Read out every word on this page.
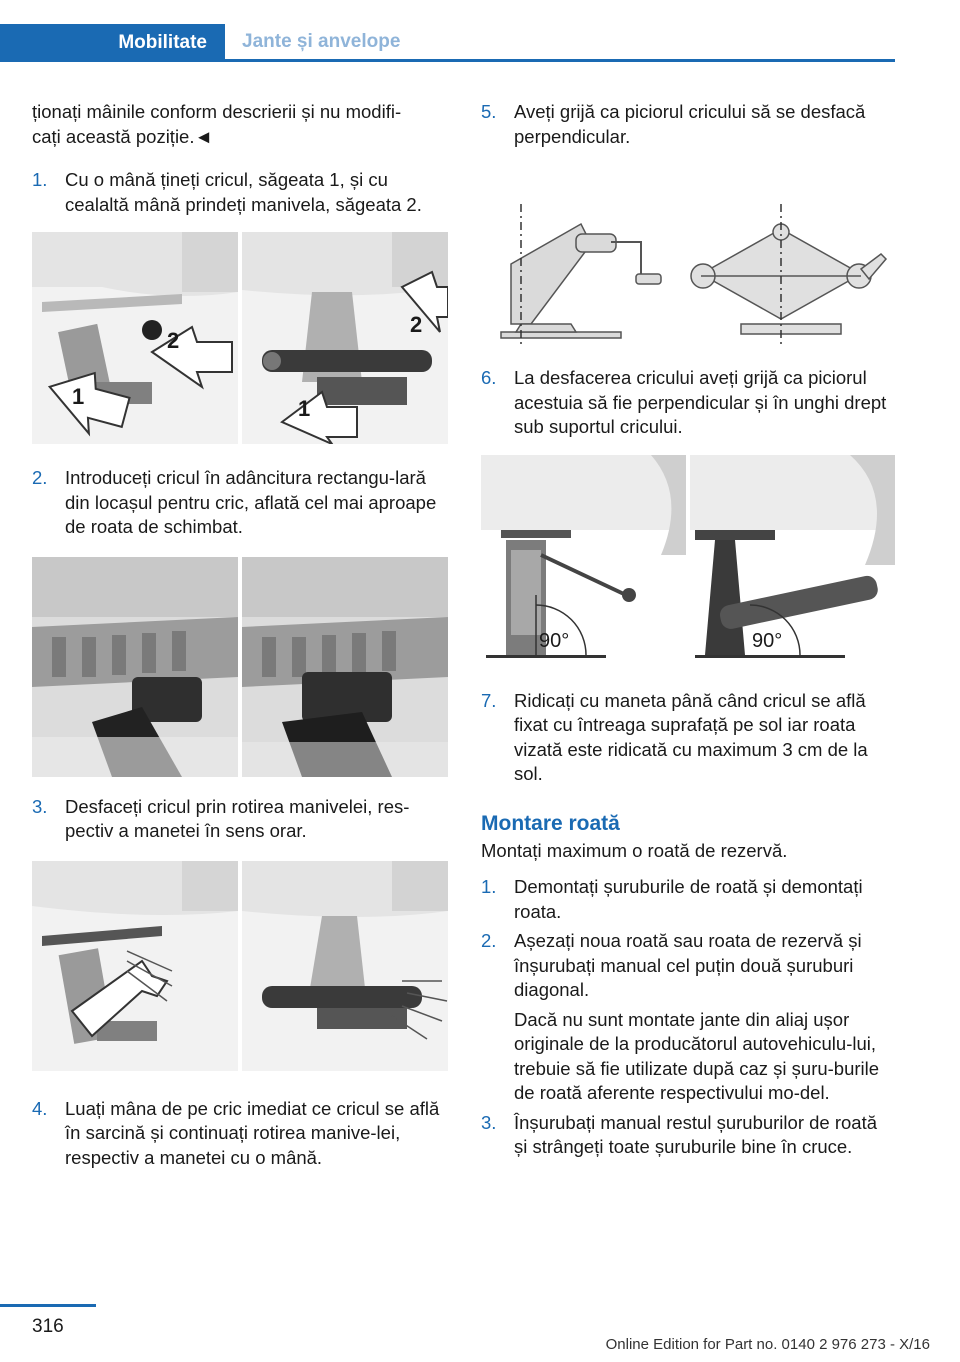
Mobilitate	Jante și anvelope

ționați mâinile conform descrierii și nu modifi-
cați această poziție.◄

1. Cu o mână țineți cricul, săgeata 1, și cu cealaltă mână prindeți manivela, săgeata 2.
2
1
2
1
2. Introduceți cricul în adâncitura rectangu-lară din locașul pentru cric, aflată cel mai aproape de roata de schimbat.
3. Desfaceți cricul prin rotirea manivelei, res-pectiv a manetei în sens orar.
4. Luați mâna de pe cric imediat ce cricul se află în sarcină și continuați rotirea manive-lei, respectiv a manetei cu o mână.
5. Aveți grijă ca piciorul cricului să se desfacă perpendicular.
6. La desfacerea cricului aveți grijă ca piciorul acestuia să fie perpendicular și în unghi drept sub suportul cricului.
90°	90°
7. Ridicați cu maneta până când cricul se află fixat cu întreaga suprafață pe sol iar roata vizată este ridicată cu maximum 3 cm de la sol.
Montare roată

Montați maximum o roată de rezervă.

1. Demontați șuruburile de roată și demontați roata.
2. Așezați noua roată sau roata de rezervă și înșurubați manual cel puțin două șuruburi diagonal.
Dacă nu sunt montate jante din aliaj ușor originale de la producătorul autovehiculu-lui, trebuie să fie utilizate după caz și șuru-burile de roată aferente respectivului mo-del.
3. Înșurubați manual restul șuruburilor de roată și strângeți toate șuruburile bine în cruce.
316
Online Edition for Part no. 0140 2 976 273 - X/16
